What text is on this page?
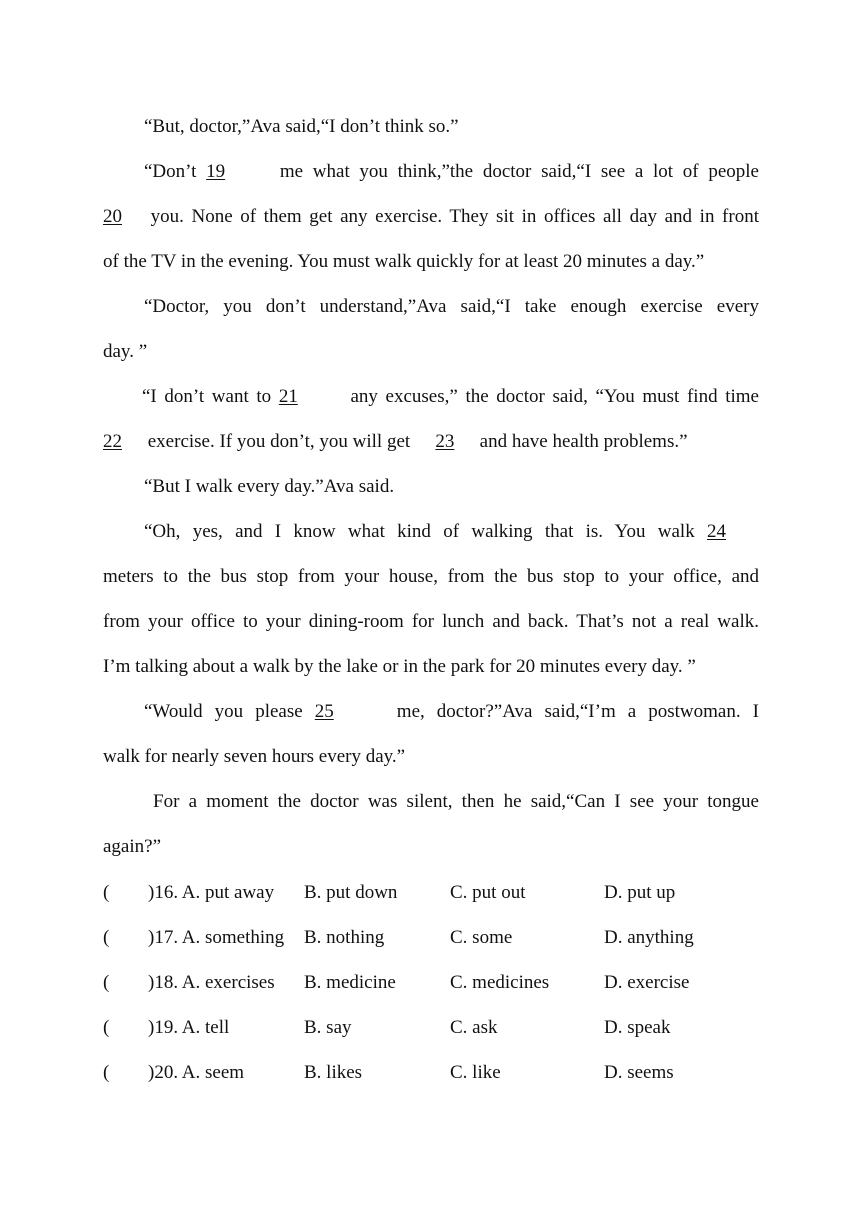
“But, doctor,”Ava said,“I don’t think so.”
“Don’t 19 me what you think,”the doctor said,“I see a lot of people
20 you. None of them get any exercise. They sit in offices all day and in front
of the TV in the evening. You must walk quickly for at least 20 minutes a day.”
“Doctor, you don’t understand,”Ava said,“I take enough exercise every
day. ”
“I don’t want to 21 any excuses,” the doctor said, “You must find time
22 exercise. If you don’t, you will get 23 and have health problems.”
“But I walk every day.”Ava said.
“Oh, yes, and I know what kind of walking that is. You walk 24
meters to the bus stop from your house, from the bus stop to your office, and
from your office to your dining-room for lunch and back. That’s not a real walk.
I’m talking about a walk by the lake or in the park for 20 minutes every day. ”
“Would you please 25	me, doctor?”Ava said,“I’m a postwoman. I
walk for nearly seven hours every day.”
For a moment the doctor was silent, then he said,“Can I see your tongue
again?”
( )16. A. put away B. put down	C. put out	D. put up
( )17. A. something B. nothing	C. some	D. anything
( )18. A. exercises B. medicine	C. medicines	D. exercise
( )19. A. tell	B. say	C. ask	D. speak
( )20. A. seem	B. likes	C. like	D. seems
